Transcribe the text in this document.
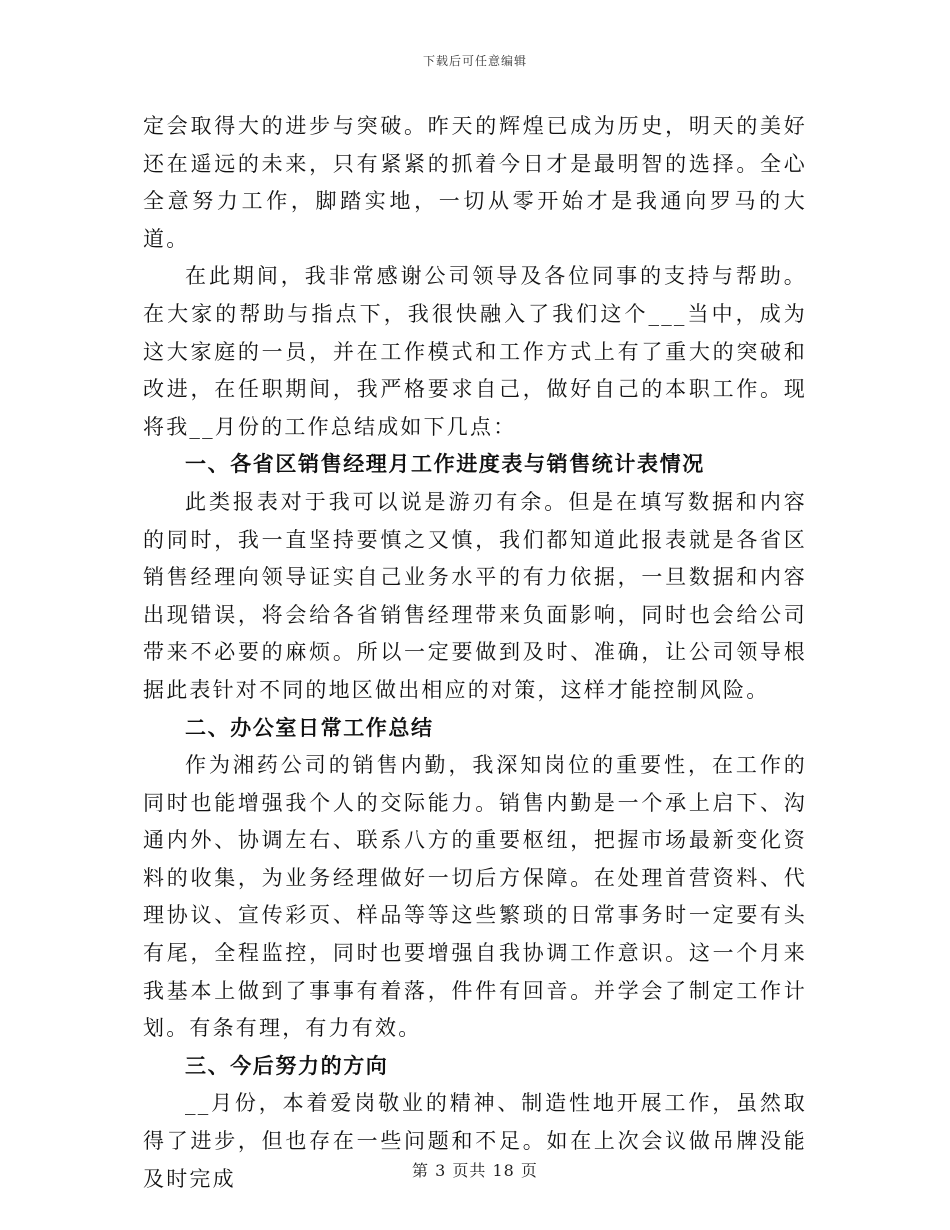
下载后可任意编辑

定会取得大的进步与突破。昨天的辉煌已成为历史，明天的美好还在遥远的未来，只有紧紧的抓着今日才是最明智的选择。全心全意努力工作，脚踏实地，一切从零开始才是我通向罗马的大道。

在此期间，我非常感谢公司领导及各位同事的支持与帮助。在大家的帮助与指点下，我很快融入了我们这个___当中，成为这大家庭的一员，并在工作模式和工作方式上有了重大的突破和改进，在任职期间，我严格要求自己，做好自己的本职工作。现将我__月份的工作总结成如下几点：

一、各省区销售经理月工作进度表与销售统计表情况

此类报表对于我可以说是游刃有余。但是在填写数据和内容的同时，我一直坚持要慎之又慎，我们都知道此报表就是各省区销售经理向领导证实自己业务水平的有力依据，一旦数据和内容出现错误，将会给各省销售经理带来负面影响，同时也会给公司带来不必要的麻烦。所以一定要做到及时、准确，让公司领导根据此表针对不同的地区做出相应的对策，这样才能控制风险。

二、办公室日常工作总结

作为湘药公司的销售内勤，我深知岗位的重要性，在工作的同时也能增强我个人的交际能力。销售内勤是一个承上启下、沟通内外、协调左右、联系八方的重要枢纽，把握市场最新变化资料的收集，为业务经理做好一切后方保障。在处理首营资料、代理协议、宣传彩页、样品等等这些繁琐的日常事务时一定要有头有尾，全程监控，同时也要增强自我协调工作意识。这一个月来我基本上做到了事事有着落，件件有回音。并学会了制定工作计划。有条有理，有力有效。

三、今后努力的方向

__月份，本着爱岗敬业的精神、制造性地开展工作，虽然取得了进步，但也存在一些问题和不足。如在上次会议做吊牌没能及时完成	第 3 页共 18 页
